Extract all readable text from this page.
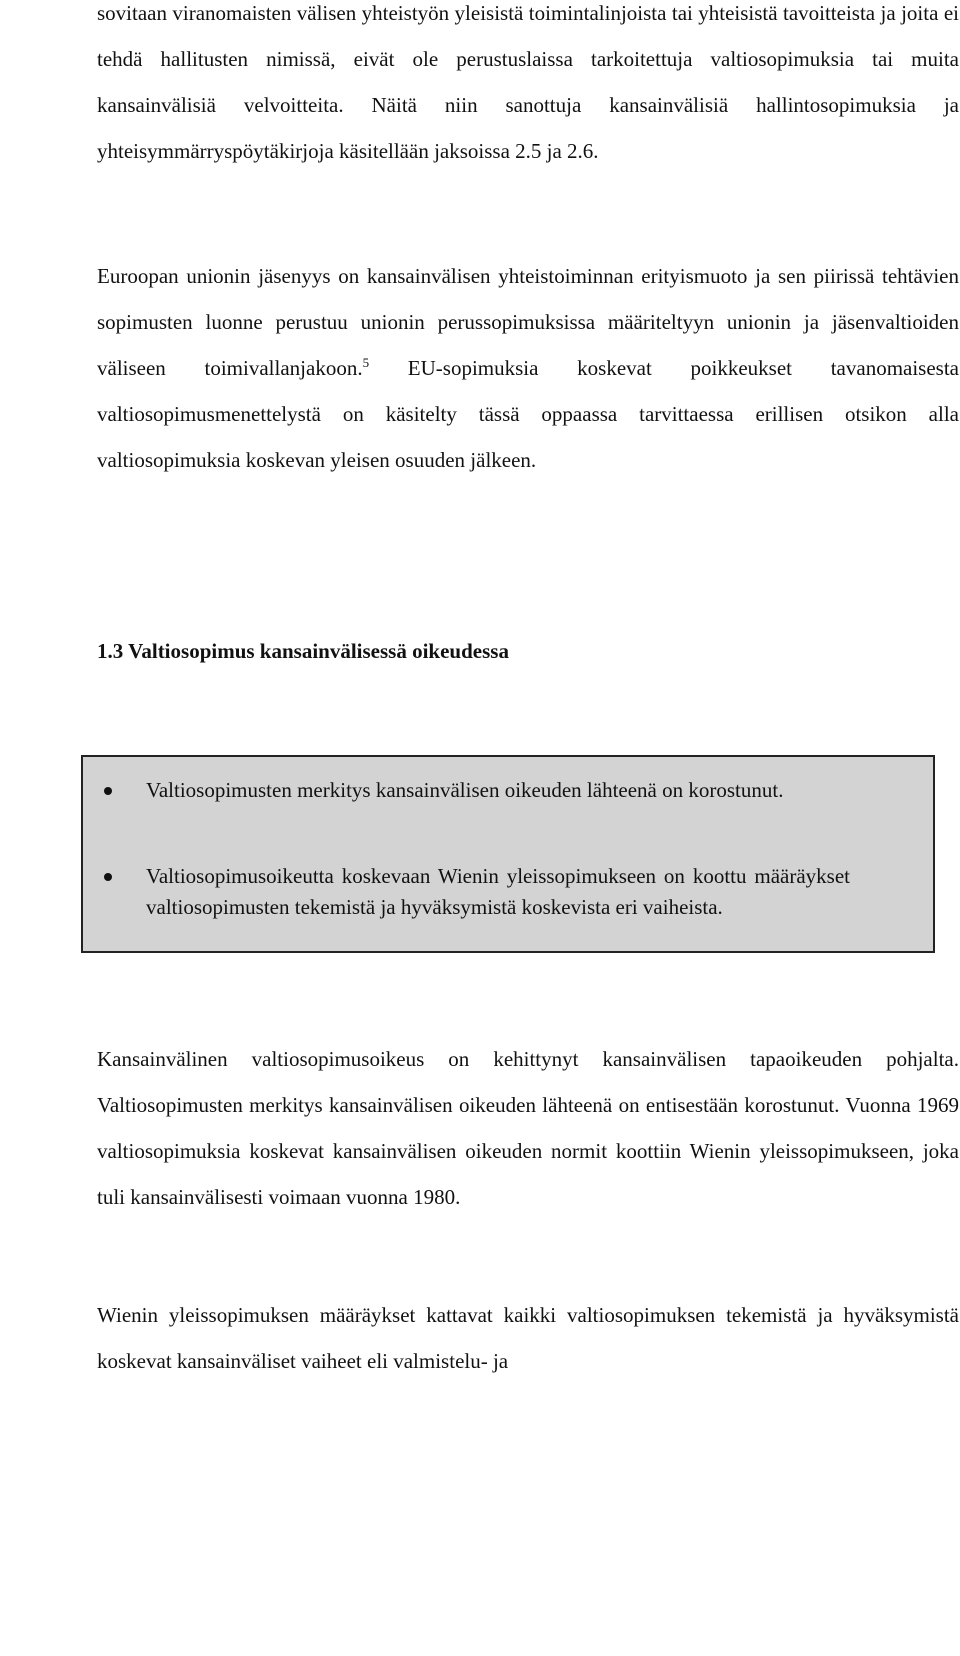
sovitaan viranomaisten välisen yhteistyön yleisistä toimintalinjoista tai yhteisistä tavoitteista ja joita ei tehdä hallitusten nimissä, eivät ole perustuslaissa tarkoitettuja valtiosopimuksia tai muita kansainvälisiä velvoitteita. Näitä niin sanottuja kansainvälisiä hallintosopimuksia ja yhteisymmärryspöytäkirjoja käsitellään jaksoissa 2.5 ja 2.6.

Euroopan unionin jäsenyys on kansainvälisen yhteistoiminnan erityismuoto ja sen piirissä tehtävien sopimusten luonne perustuu unionin perussopimuksissa määriteltyyn unionin ja jäsenvaltioiden väliseen toimivallanjakoon.$^5$ EU-sopimuksia koskevat poikkeukset tavanomaisesta valtiosopimusmenettelystä on käsitelty tässä oppaassa tarvittaessa erillisen otsikon alla valtiosopimuksia koskevan yleisen osuuden jälkeen.

1.3 Valtiosopimus kansainvälisessä oikeudessa
Valtiosopimusten merkitys kansainvälisen oikeuden lähteenä on korostunut.
Valtiosopimusoikeutta koskevaan Wienin yleissopimukseen on koottu määräykset valtiosopimusten tekemistä ja hyväksymistä koskevista eri vaiheista.

Kansainvälinen valtiosopimusoikeus on kehittynyt kansainvälisen tapaoikeuden pohjalta. Valtiosopimusten merkitys kansainvälisen oikeuden lähteenä on entisestään korostunut. Vuonna 1969 valtiosopimuksia koskevat kansainvälisen oikeuden normit koottiin Wienin yleissopimukseen, joka tuli kansainvälisesti voimaan vuonna 1980.

Wienin yleissopimuksen määräykset kattavat kaikki valtiosopimuksen tekemistä ja hyväksymistä koskevat kansainväliset vaiheet eli valmistelu- ja
